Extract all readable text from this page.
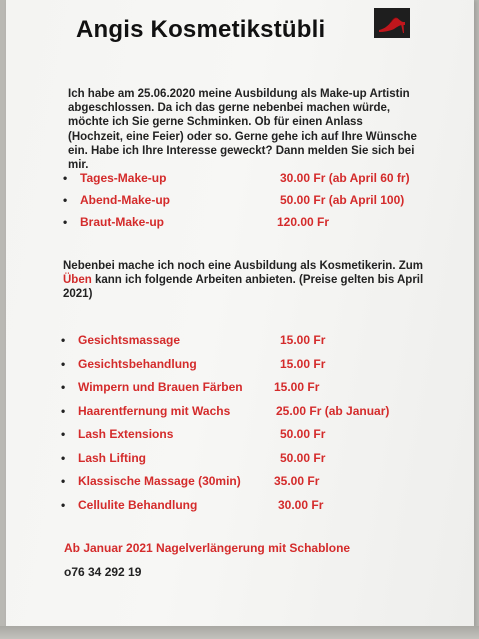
Angis Kosmetikstübli

Ich habe am 25.06.2020 meine Ausbildung als Make-up Artistin abgeschlossen. Da ich das gerne nebenbei machen würde, möchte ich Sie gerne Schminken. Ob für einen Anlass (Hochzeit, eine Feier) oder so. Gerne gehe ich auf Ihre Wünsche ein. Habe ich Ihre Interesse geweckt? Dann melden Sie sich bei mir.

• Tages-Make-up	30.00 Fr (ab April 60 fr)
• Abend-Make-up	50.00 Fr (ab April 100)
• Braut-Make-up	120.00 Fr

Nebenbei mache ich noch eine Ausbildung als Kosmetikerin. Zum Üben kann ich folgende Arbeiten anbieten. (Preise gelten bis April 2021)

• Gesichtsmassage	15.00 Fr
• Gesichtsbehandlung	15.00 Fr
• Wimpern und Brauen Färben	15.00 Fr
• Haarentfernung mit Wachs	25.00 Fr (ab Januar)
• Lash Extensions	50.00 Fr
• Lash Lifting	50.00 Fr
• Klassische Massage (30min)	35.00 Fr
• Cellulite Behandlung	30.00 Fr

Ab Januar 2021 Nagelverlängerung mit Schablone

o76 34 292 19
